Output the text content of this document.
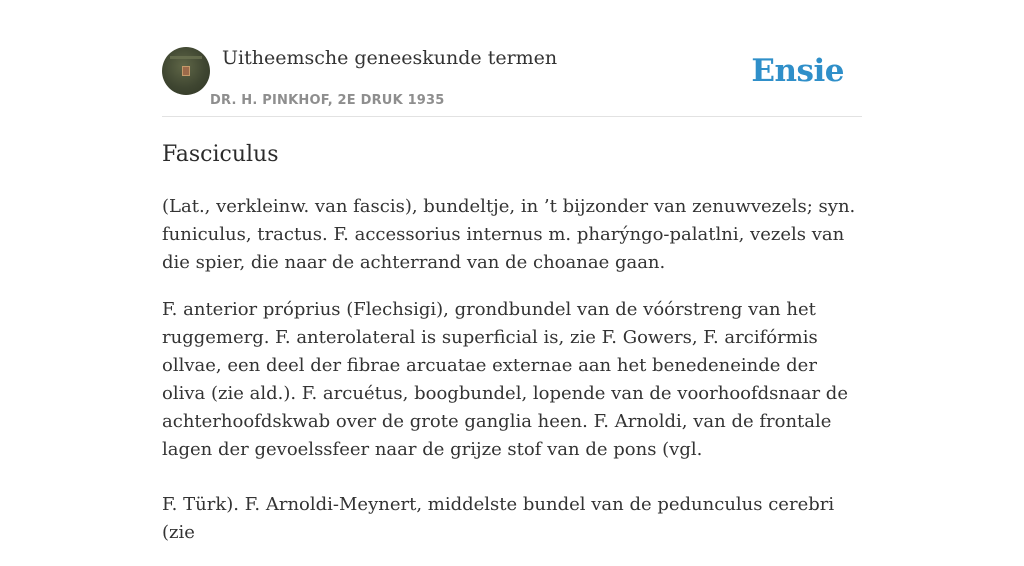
Uitheemsche geneeskunde termen
DR. H. PINKHOF, 2E DRUK 1935
Ensie
Fasciculus

(Lat., verkleinw. van fascis), bundeltje, in ’t bijzonder van zenuwvezels; syn. funiculus, tractus. F. accessorius internus m. pharýngo-palatlni, vezels van die spier, die naar de achterrand van de choanae gaan.

F. anterior próprius (Flechsigi), grondbundel van de vóórstreng van het ruggemerg. F. anterolateral is superficial is, zie F. Gowers, F. arcifórmis ollvae, een deel der fibrae arcuatae externae aan het benedeneinde der oliva (zie ald.). F. arcuétus, boogbundel, lopende van de voorhoofdsnaar de achterhoofdskwab over de grote ganglia heen. F. Arnoldi, van de frontale lagen der gevoelssfeer naar de grijze stof van de pons (vgl.

F. Türk). F. Arnoldi-Meynert, middelste bundel van de pedunculus cerebri (zie
